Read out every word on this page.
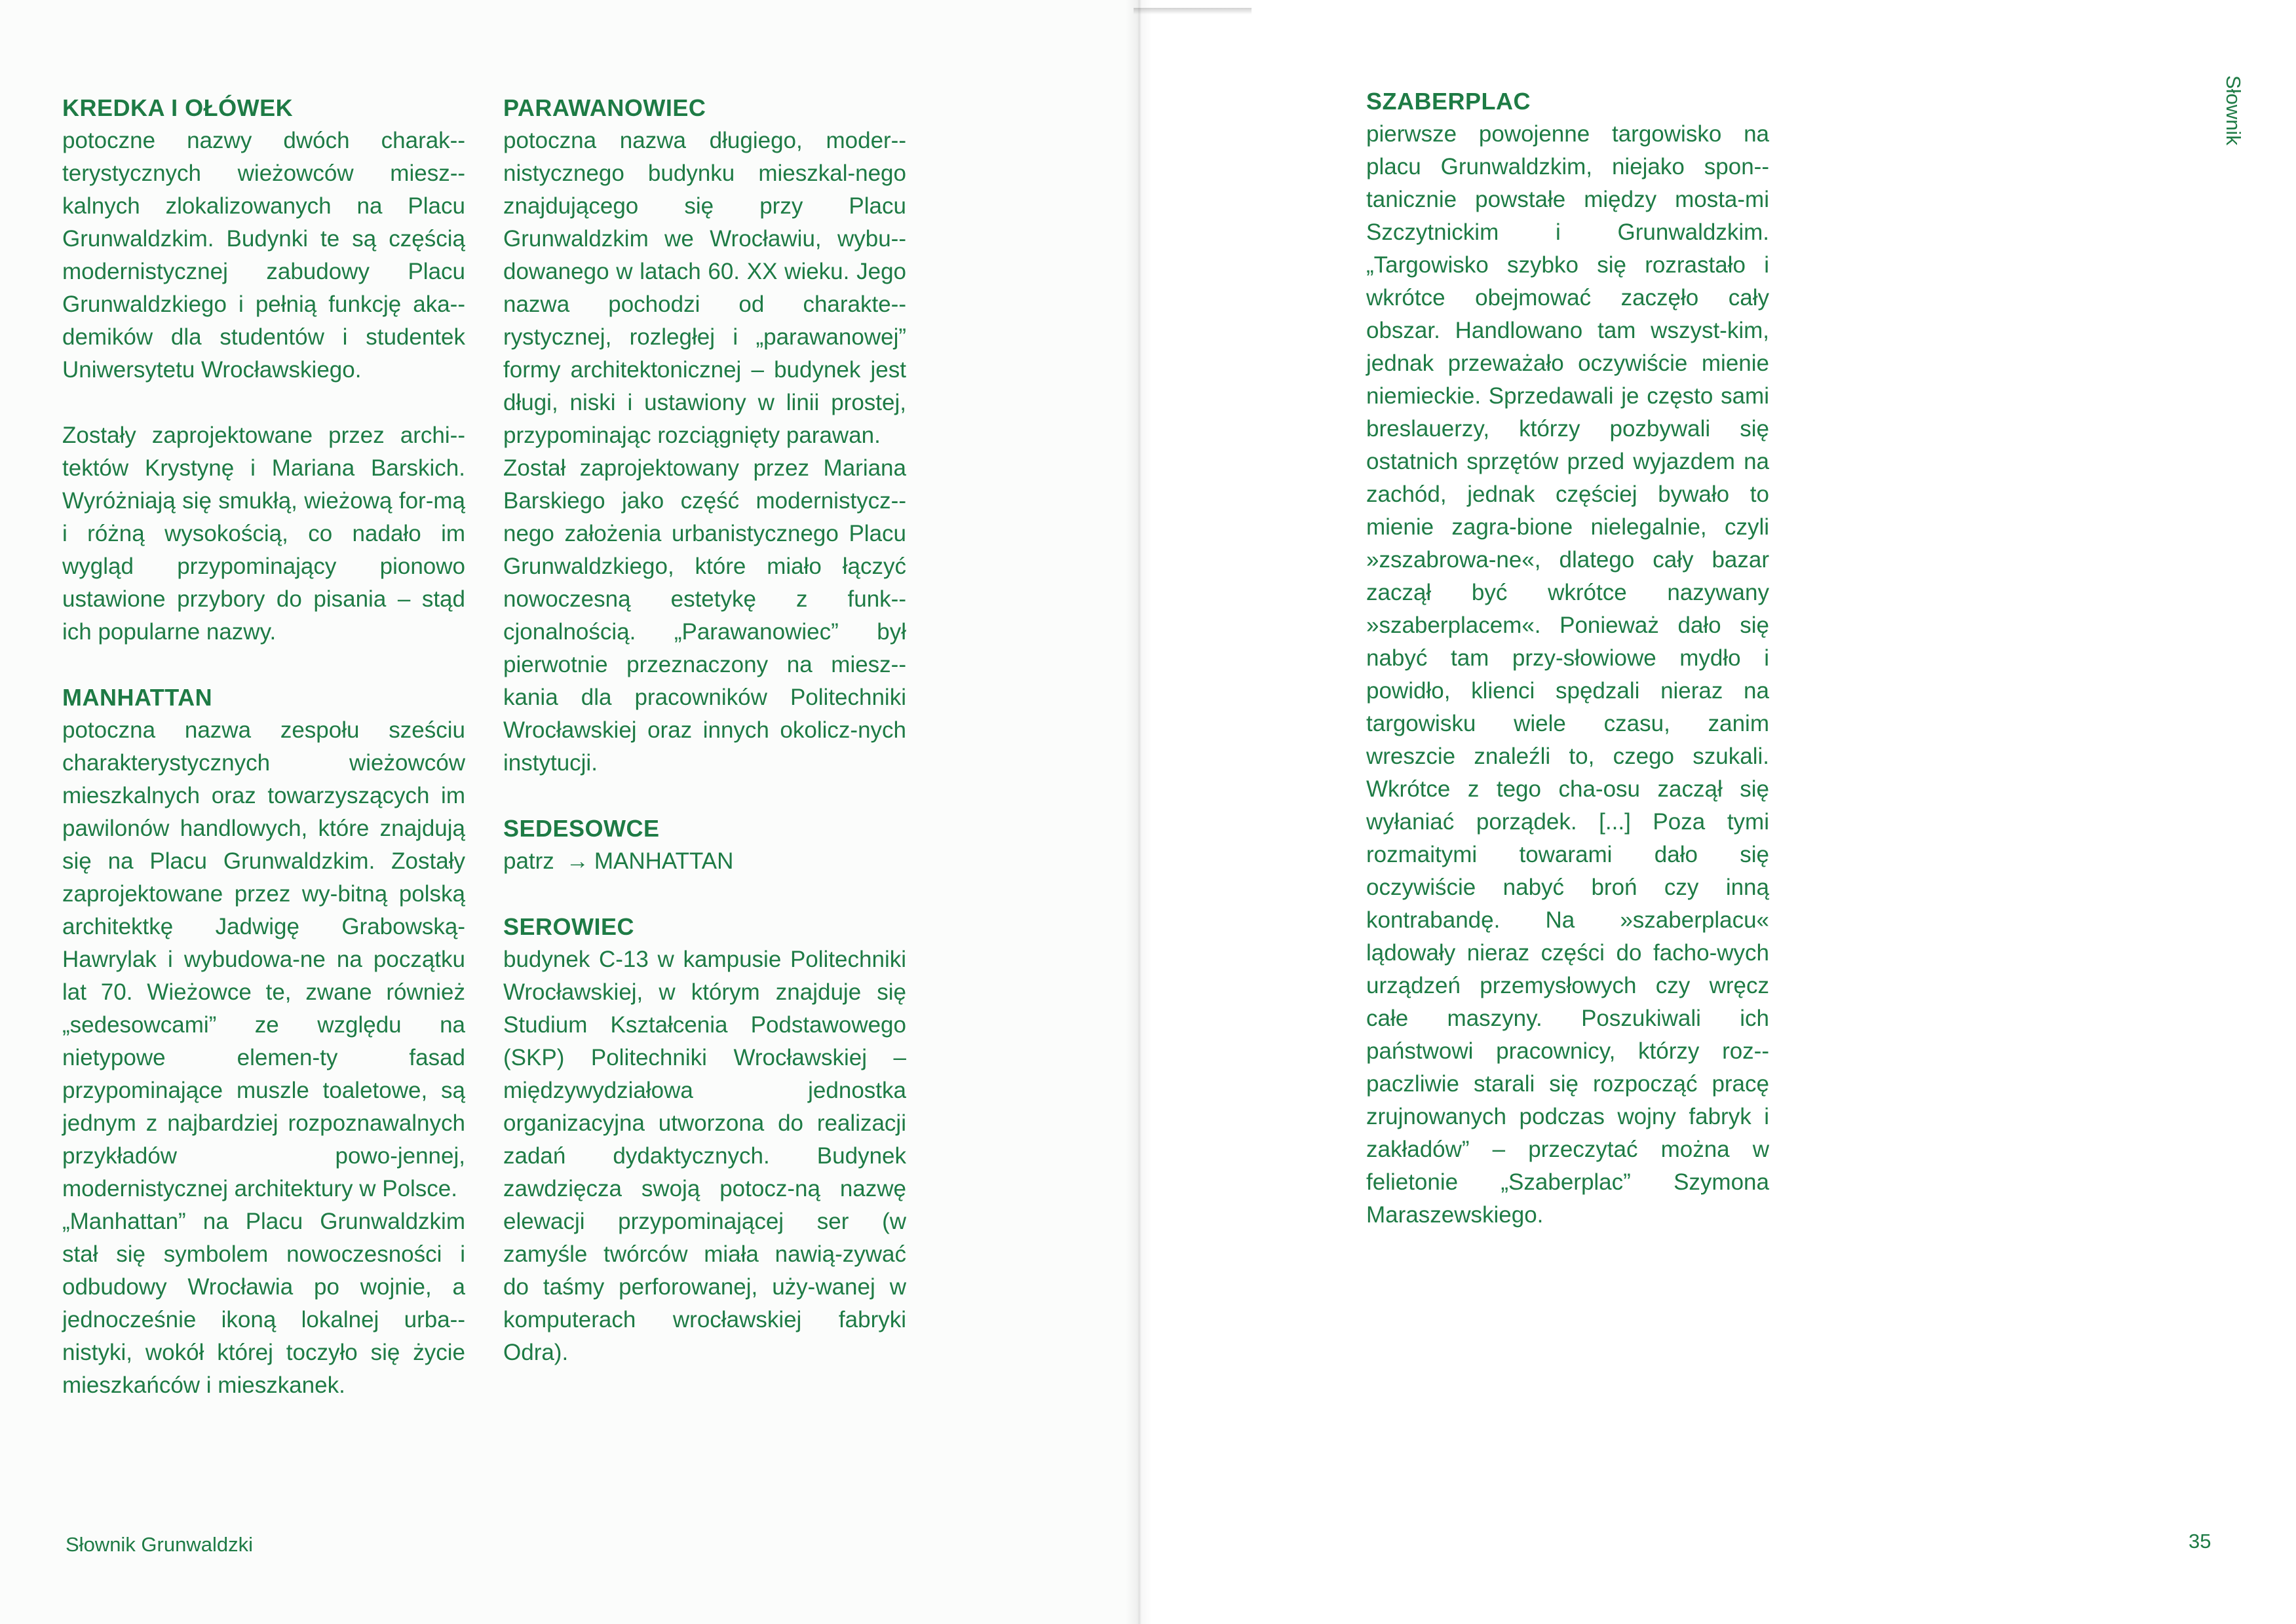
KREDKA I OŁÓWEK

potoczne nazwy dwóch charak-terystycznych wieżowców miesz-kalnych zlokalizowanych na Placu Grunwaldzkim. Budynki te są częścią modernistycznej zabudowy Placu Grunwaldzkiego i pełnią funkcję aka-demików dla studentów i studentek Uniwersytetu Wrocławskiego.

Zostały zaprojektowane przez archi-tektów Krystynę i Mariana Barskich. Wyróżniają się smukłą, wieżową for-mą i różną wysokością, co nadało im wygląd przypominający pionowo ustawione przybory do pisania – stąd ich popularne nazwy.

MANHATTAN

potoczna nazwa zespołu sześciu charakterystycznych wieżowców mieszkalnych oraz towarzyszących im pawilonów handlowych, które znajdują się na Placu Grunwaldzkim. Zostały zaprojektowane przez wy-bitną polską architektkę Jadwigę Grabowską-Hawrylak i wybudowa-ne na początku lat 70. Wieżowce te, zwane również „sedesowcami” ze względu na nietypowe elemen-ty fasad przypominające muszle toaletowe, są jednym z najbardziej rozpoznawalnych przykładów powo-jennej, modernistycznej architektury w Polsce.

„Manhattan” na Placu Grunwaldzkim stał się symbolem nowoczesności i odbudowy Wrocławia po wojnie, a jednocześnie ikoną lokalnej urba-nistyki, wokół której toczyło się życie mieszkańców i mieszkanek.

PARAWANOWIEC

potoczna nazwa długiego, moder-nistycznego budynku mieszkal-nego znajdującego się przy Placu Grunwaldzkim we Wrocławiu, wybu-dowanego w latach 60. XX wieku. Jego nazwa pochodzi od charakte-rystycznej, rozległej i „parawanowej” formy architektonicznej – budynek jest długi, niski i ustawiony w linii prostej, przypominając rozciągnięty parawan.

Został zaprojektowany przez Mariana Barskiego jako część modernistycz-nego założenia urbanistycznego Placu Grunwaldzkiego, które miało łączyć nowoczesną estetykę z funk-cjonalnością. „Parawanowiec” był pierwotnie przeznaczony na miesz-kania dla pracowników Politechniki Wrocławskiej oraz innych okolicz-nych instytucji.

SEDESOWCE

patrz → MANHATTAN

SEROWIEC

budynek C-13 w kampusie Politechniki Wrocławskiej, w którym znajduje się Studium Kształcenia Podstawowego (SKP) Politechniki Wrocławskiej – międzywydziałowa jednostka organizacyjna utworzona do realizacji zadań dydaktycznych. Budynek zawdzięcza swoją potocz-ną nazwę elewacji przypominającej ser (w zamyśle twórców miała nawią-zywać do taśmy perforowanej, uży-wanej w komputerach wrocławskiej fabryki Odra).

SZABERPLAC

pierwsze powojenne targowisko na placu Grunwaldzkim, niejako spon-tanicznie powstałe między mosta-mi Szczytnickim i Grunwaldzkim. „Targowisko szybko się rozrastało i wkrótce obejmować zaczęło cały obszar. Handlowano tam wszyst-kim, jednak przeważało oczywiście mienie niemieckie. Sprzedawali je często sami breslauerzy, którzy pozbywali się ostatnich sprzętów przed wyjazdem na zachód, jednak częściej bywało to mienie zagra-bione nielegalnie, czyli »zszabrowa-ne«, dlatego cały bazar zaczął być wkrótce nazywany »szaberplacem«. Ponieważ dało się nabyć tam przy-słowiowe mydło i powidło, klienci spędzali nieraz na targowisku wiele czasu, zanim wreszcie znaleźli to, czego szukali. Wkrótce z tego cha-osu zaczął się wyłaniać porządek. [...] Poza tymi rozmaitymi towarami dało się oczywiście nabyć broń czy inną kontrabandę. Na »szaberplacu« lądowały nieraz części do facho-wych urządzeń przemysłowych czy wręcz całe maszyny. Poszukiwali ich państwowi pracownicy, którzy roz-paczliwie starali się rozpocząć pracę zrujnowanych podczas wojny fabryk i zakładów” – przeczytać można w felietonie „Szaberplac” Szymona Maraszewskiego.

Słownik
Słownik Grunwaldzki	35
